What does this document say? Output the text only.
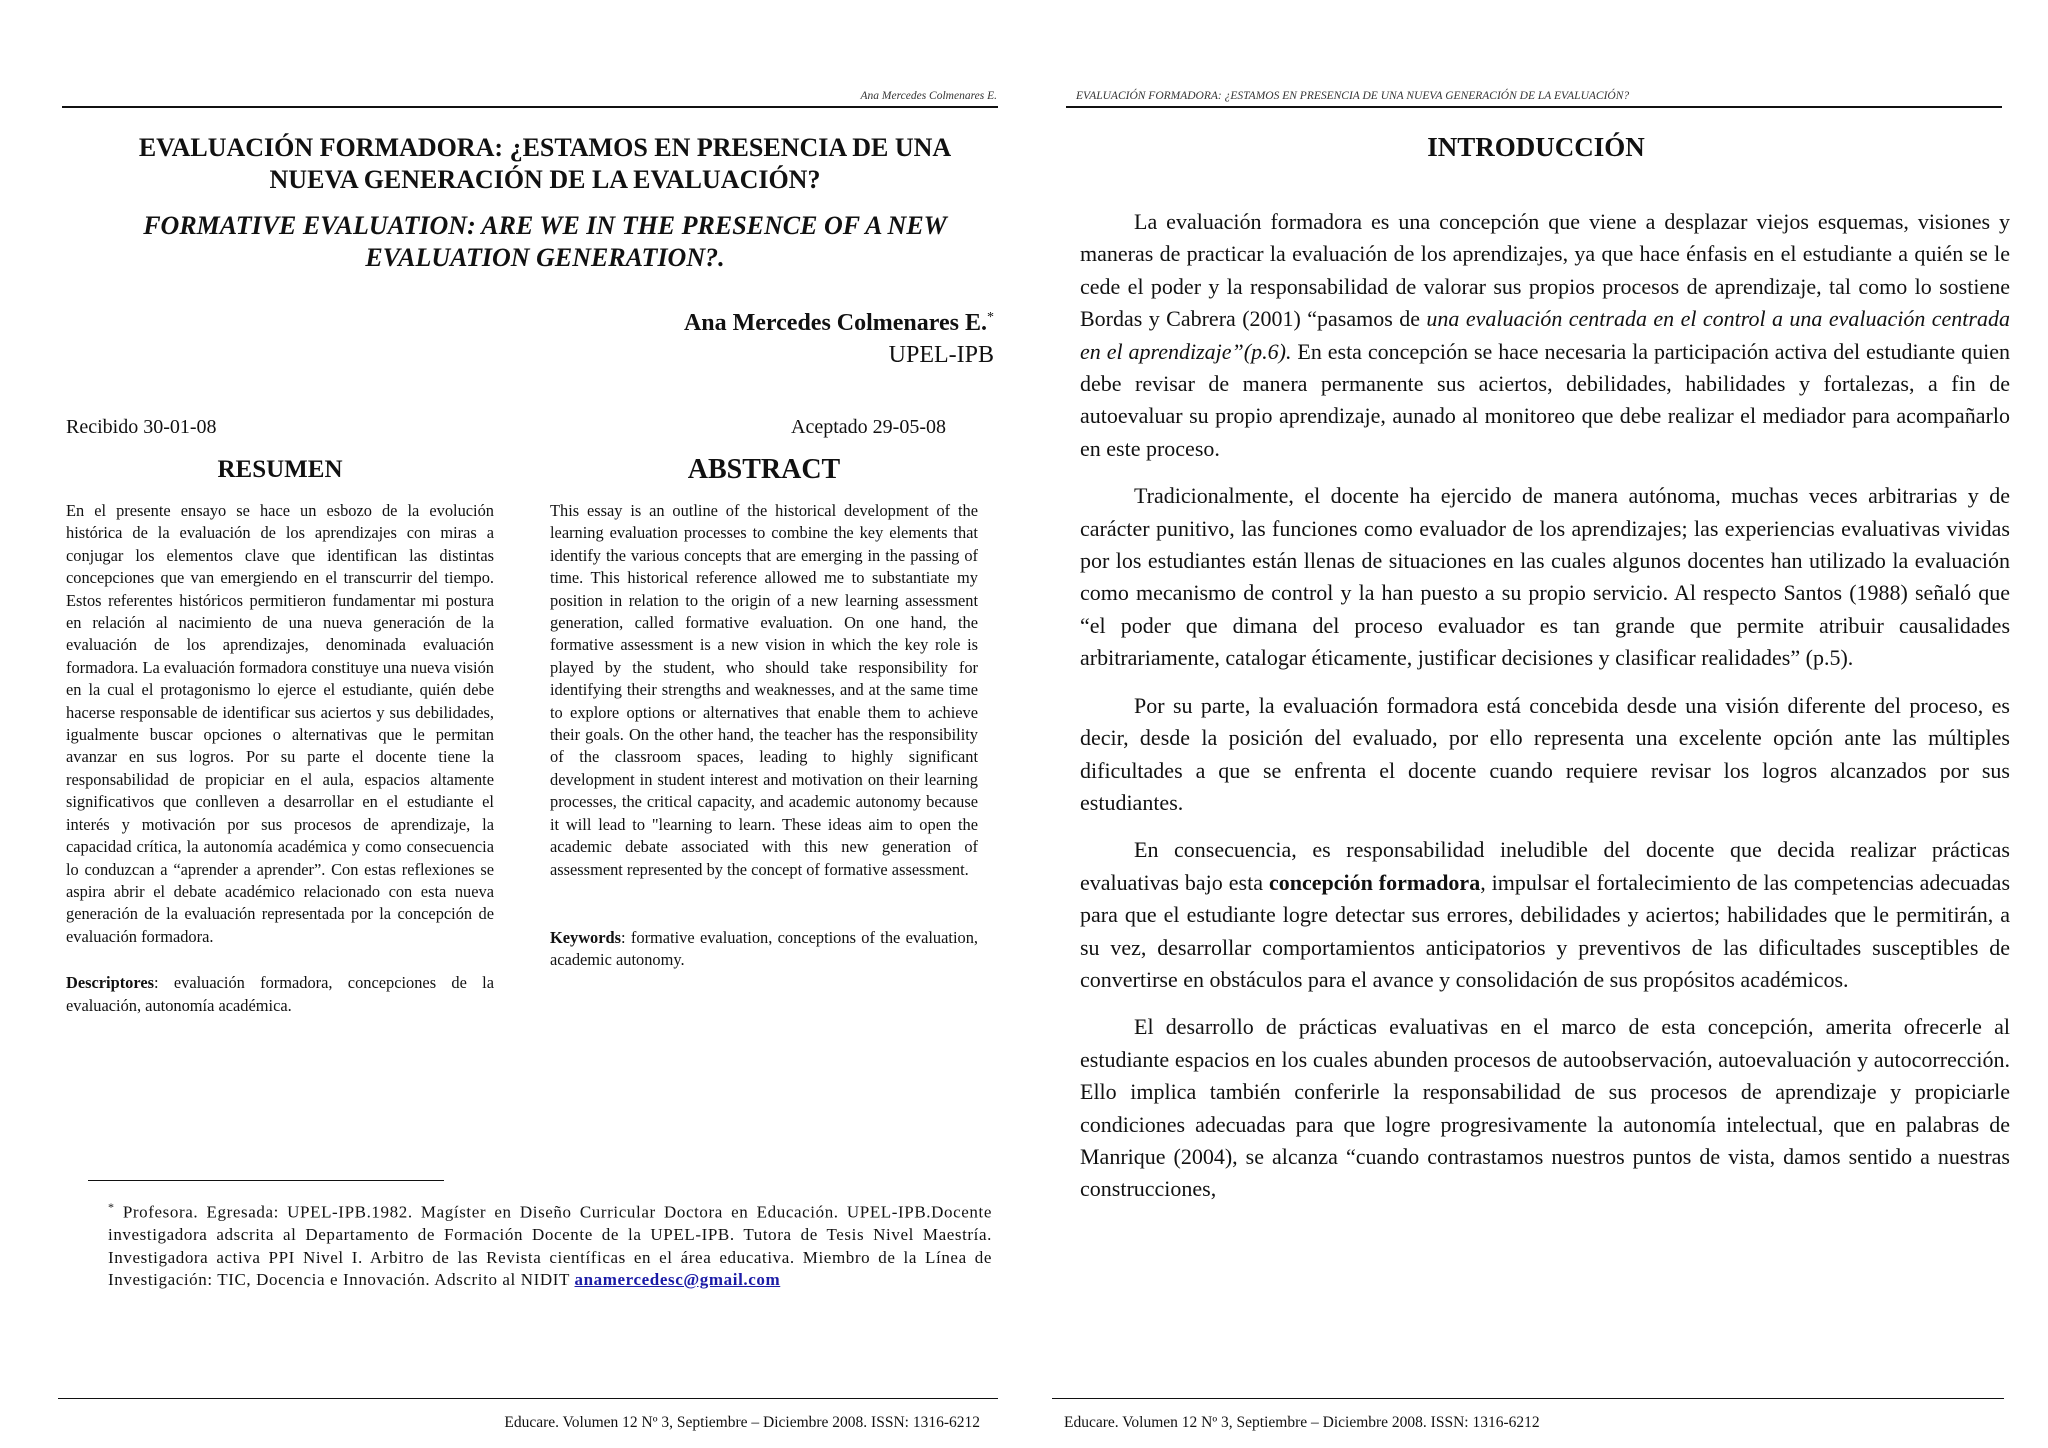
Ana Mercedes Colmenares E.
EVALUACIÓN FORMADORA: ¿ESTAMOS EN PRESENCIA DE UNA
NUEVA GENERACIÓN DE LA EVALUACIÓN?
FORMATIVE EVALUATION: ARE WE IN THE PRESENCE OF A NEW
EVALUATION GENERATION?.
Ana Mercedes Colmenares E.*
UPEL-IPB
Recibido 30-01-08	Aceptado 29-05-08
RESUMEN	ABSTRACT
En el presente ensayo se hace un esbozo de la evolución histórica de la evaluación de los aprendizajes con miras a conjugar los elementos clave que identifican las distintas concepciones que van emergiendo en el transcurrir del tiempo. Estos referentes históricos permitieron fundamentar mi postura en relación al nacimiento de una nueva generación de la evaluación de los aprendizajes, denominada evaluación formadora. La evaluación formadora constituye una nueva visión en la cual el protagonismo lo ejerce el estudiante, quién debe hacerse responsable de identificar sus aciertos y sus debilidades, igualmente buscar opciones o alternativas que le permitan avanzar en sus logros. Por su parte el docente tiene la responsabilidad de propiciar en el aula, espacios altamente significativos que conlleven a desarrollar en el estudiante el interés y motivación por sus procesos de aprendizaje, la capacidad crítica, la autonomía académica y como consecuencia lo conduzcan a “aprender a aprender”. Con estas reflexiones se aspira abrir el debate académico relacionado con esta nueva generación de la evaluación representada por la concepción de evaluación formadora.
Descriptores: evaluación formadora, concepciones de la evaluación, autonomía académica.
This essay is an outline of the historical development of the learning evaluation processes to combine the key elements that identify the various concepts that are emerging in the passing of time. This historical reference allowed me to substantiate my position in relation to the origin of a new learning assessment generation, called formative evaluation. On one hand, the formative assessment is a new vision in which the key role is played by the student, who should take responsibility for identifying their strengths and weaknesses, and at the same time to explore options or alternatives that enable them to achieve their goals. On the other hand, the teacher has the responsibility of the classroom spaces, leading to highly significant development in student interest and motivation on their learning processes, the critical capacity, and academic autonomy because it will lead to "learning to learn. These ideas aim to open the academic debate associated with this new generation of assessment represented by the concept of formative assessment.
Keywords: formative evaluation, conceptions of the evaluation, academic autonomy.
* Profesora. Egresada: UPEL-IPB.1982. Magíster en Diseño Curricular Doctora en Educación. UPEL-IPB.Docente investigadora adscrita al Departamento de Formación Docente de la UPEL-IPB. Tutora de Tesis Nivel Maestría. Investigadora activa PPI Nivel I. Arbitro de las Revista científicas en el área educativa. Miembro de la Línea de Investigación: TIC, Docencia e Innovación. Adscrito al NIDIT anamercedesc@gmail.com
Educare. Volumen 12 Nº 3, Septiembre – Diciembre 2008. ISSN: 1316-6212
EVALUACIÓN FORMADORA: ¿ESTAMOS EN PRESENCIA DE UNA NUEVA GENERACIÓN DE LA EVALUACIÓN?
INTRODUCCIÓN

La evaluación formadora es una concepción que viene a desplazar viejos esquemas, visiones y maneras de practicar la evaluación de los aprendizajes, ya que hace énfasis en el estudiante a quién se le cede el poder y la responsabilidad de valorar sus propios procesos de aprendizaje, tal como lo sostiene Bordas y Cabrera (2001) “pasamos de una evaluación centrada en el control a una evaluación centrada en el aprendizaje”(p.6). En esta concepción se hace necesaria la participación activa del estudiante quien debe revisar de manera permanente sus aciertos, debilidades, habilidades y fortalezas, a fin de autoevaluar su propio aprendizaje, aunado al monitoreo que debe realizar el mediador para acompañarlo en este proceso.

Tradicionalmente, el docente ha ejercido de manera autónoma, muchas veces arbitrarias y de carácter punitivo, las funciones como evaluador de los aprendizajes; las experiencias evaluativas vividas por los estudiantes están llenas de situaciones en las cuales algunos docentes han utilizado la evaluación como mecanismo de control y la han puesto a su propio servicio. Al respecto Santos (1988) señaló que “el poder que dimana del proceso evaluador es tan grande que permite atribuir causalidades arbitrariamente, catalogar éticamente, justificar decisiones y clasificar realidades” (p.5).

Por su parte, la evaluación formadora está concebida desde una visión diferente del proceso, es decir, desde la posición del evaluado, por ello representa una excelente opción ante las múltiples dificultades a que se enfrenta el docente cuando requiere revisar los logros alcanzados por sus estudiantes.

En consecuencia, es responsabilidad ineludible del docente que decida realizar prácticas evaluativas bajo esta concepción formadora, impulsar el fortalecimiento de las competencias adecuadas para que el estudiante logre detectar sus errores, debilidades y aciertos; habilidades que le permitirán, a su vez, desarrollar comportamientos anticipatorios y preventivos de las dificultades susceptibles de convertirse en obstáculos para el avance y consolidación de sus propósitos académicos.

El desarrollo de prácticas evaluativas en el marco de esta concepción, amerita ofrecerle al estudiante espacios en los cuales abunden procesos de autoobservación, autoevaluación y autocorrección. Ello implica también conferirle la responsabilidad de sus procesos de aprendizaje y propiciarle condiciones adecuadas para que logre progresivamente la autonomía intelectual, que en palabras de Manrique (2004), se alcanza “cuando contrastamos nuestros puntos de vista, damos sentido a nuestras construcciones,

Educare. Volumen 12 Nº 3, Septiembre – Diciembre 2008. ISSN: 1316-6212
